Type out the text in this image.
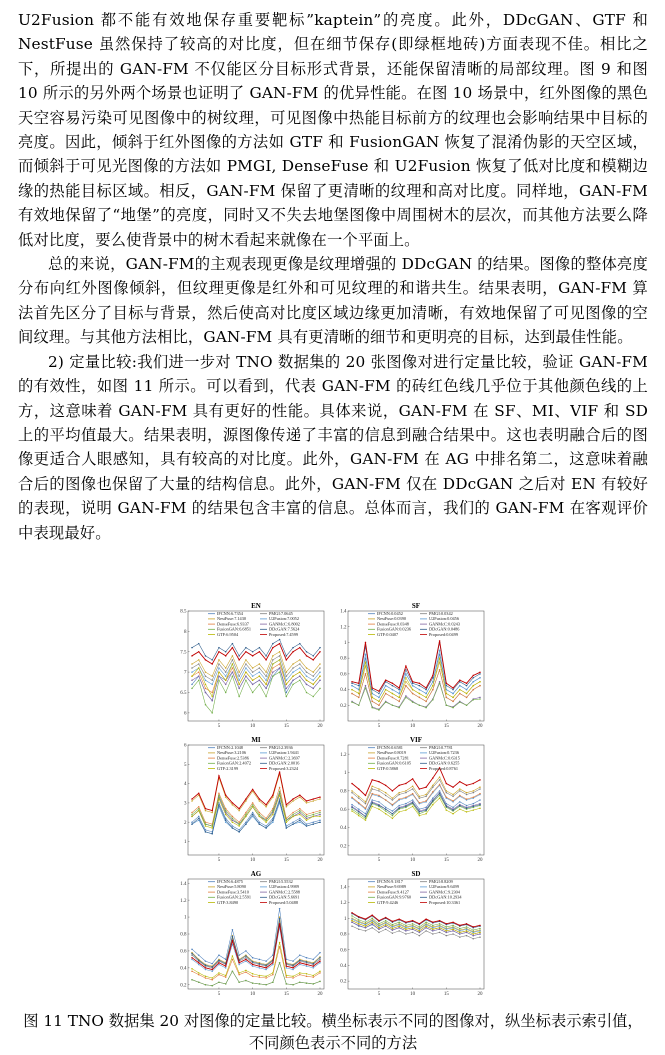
U2Fusion 都不能有效地保存重要靶标”kaptein”的亮度。此外，DDcGAN、GTF 和 NestFuse 虽然保持了较高的对比度，但在细节保存(即绿框地砖)方面表现不佳。相比之下，所提出的 GAN-FM 不仅能区分目标形式背景，还能保留清晰的局部纹理。图 9 和图 10 所示的另外两个场景也证明了 GAN-FM 的优异性能。在图 10 场景中，红外图像的黑色天空容易污染可见图像中的树纹理，可见图像中热能目标前方的纹理也会影响结果中目标的亮度。因此，倾斜于红外图像的方法如 GTF 和 FusionGAN 恢复了混淆伪影的天空区域，而倾斜于可见光图像的方法如 PMGI, DenseFuse 和 U2Fusion 恢复了低对比度和模糊边缘的热能目标区域。相反，GAN-FM 保留了更清晰的纹理和高对比度。同样地，GAN-FM 有效地保留了“地堡”的亮度，同时又不失去地堡图像中周围树木的层次，而其他方法要么降低对比度，要么使背景中的树木看起来就像在一个平面上。

总的来说，GAN-FM的主观表现更像是纹理增强的 DDcGAN 的结果。图像的整体亮度分布向红外图像倾斜，但纹理更像是红外和可见纹理的和谐共生。结果表明，GAN-FM 算法首先区分了目标与背景，然后使高对比度区域边缘更加清晰，有效地保留了可见图像的空间纹理。与其他方法相比，GAN-FM 具有更清晰的细节和更明亮的目标，达到最佳性能。

2) 定量比较:我们进一步对 TNO 数据集的 20 张图像对进行定量比较，验证 GAN-FM 的有效性，如图 11 所示。可以看到，代表 GAN-FM 的砖红色线几乎位于其他颜色线的上方，这意味着 GAN-FM 具有更好的性能。具体来说，GAN-FM 在 SF、MI、VIF 和 SD 上的平均值最大。结果表明，源图像传递了丰富的信息到融合结果中。这也表明融合后的图像更适合人眼感知，具有较高的对比度。此外，GAN-FM 在 AG 中排名第二，这意味着融合后的图像也保留了大量的结构信息。此外，GAN-FM 仅在 DDcGAN 之后对 EN 有较好的表现，说明 GAN-FM 的结果包含丰富的信息。总体而言，我们的 GAN-FM 在客观评价中表现最好。

EN
6
6.5
7
7.5
8
8.5
5	10	15	20
IFCNN:6.7354	PMGI:7.0645
NestFuse:7.1430	U2Fusion:7.0052
DenseFuse:6.9337	GANMcC:6.8002
FusionGAN:6.6851	DDcGAN:7.5624
GTF:6.9504	Proposed:7.4599
SF
0.2
0.4
0.6
0.8
1
1.2
1.4
5	10	15	20
IFCNN:0.0452	PMGI:0.0342
NestFuse:0.0390	U2Fusion:0.0456
DenseFuse:0.0348	GANMcC:0.0243
FusionGAN:0.0236	DDcGAN:0.0486
GTF:0.0407	Proposed:0.0499
MI
1
2
3
4
5
6
5	10	15	20
IFCNN:2.1048	PMGI:2.3936
NestFuse:3.2106	U2Fusion:1.9441
DenseFuse:2.5386	GANMcC:2.3697
FusionGAN:2.4072	DDcGAN:2.0016
GTF:2.3199	Proposed:3.2324
VIF
0.2
0.4
0.6
0.8
1
1.2
5	10	15	20
IFCNN:0.6581	PMGI:0.7781
NestFuse:0.8019	U2Fusion:0.7236
DenseFuse:0.7281	GANMcC:0.6315
FusionGAN:0.6105	DDcGAN:0.6255
GTF:0.5868	Proposed:0.8761
AG
0.2
0.4
0.6
0.8
1
1.2
1.4
5	10	15	20
IFCNN:6.4875	PMGI:5.5532
NestFuse:5.8090	U2Fusion:4.9989
DenseFuse:3.5410	GANMcC:2.5588
FusionGAN:2.5591	DDcGAN:5.6691
GTF:3.8490	Proposed:5.0488
SD
0.2
0.4
0.6
0.8
1
1.2
1.4
5	10	15	20
IFCNN:9.1817	PMGI:8.8209
NestFuse:9.6989	U2Fusion:9.6499
DenseFuse:9.4127	GANMcC:9.2304
FusionGAN:9.9760	DDcGAN:10.2934
GTF:9.4246	Proposed:10.3361
图 11 TNO 数据集 20 对图像的定量比较。横坐标表示不同的图像对，纵坐标表示索引值，不同颜色表示不同的方法
